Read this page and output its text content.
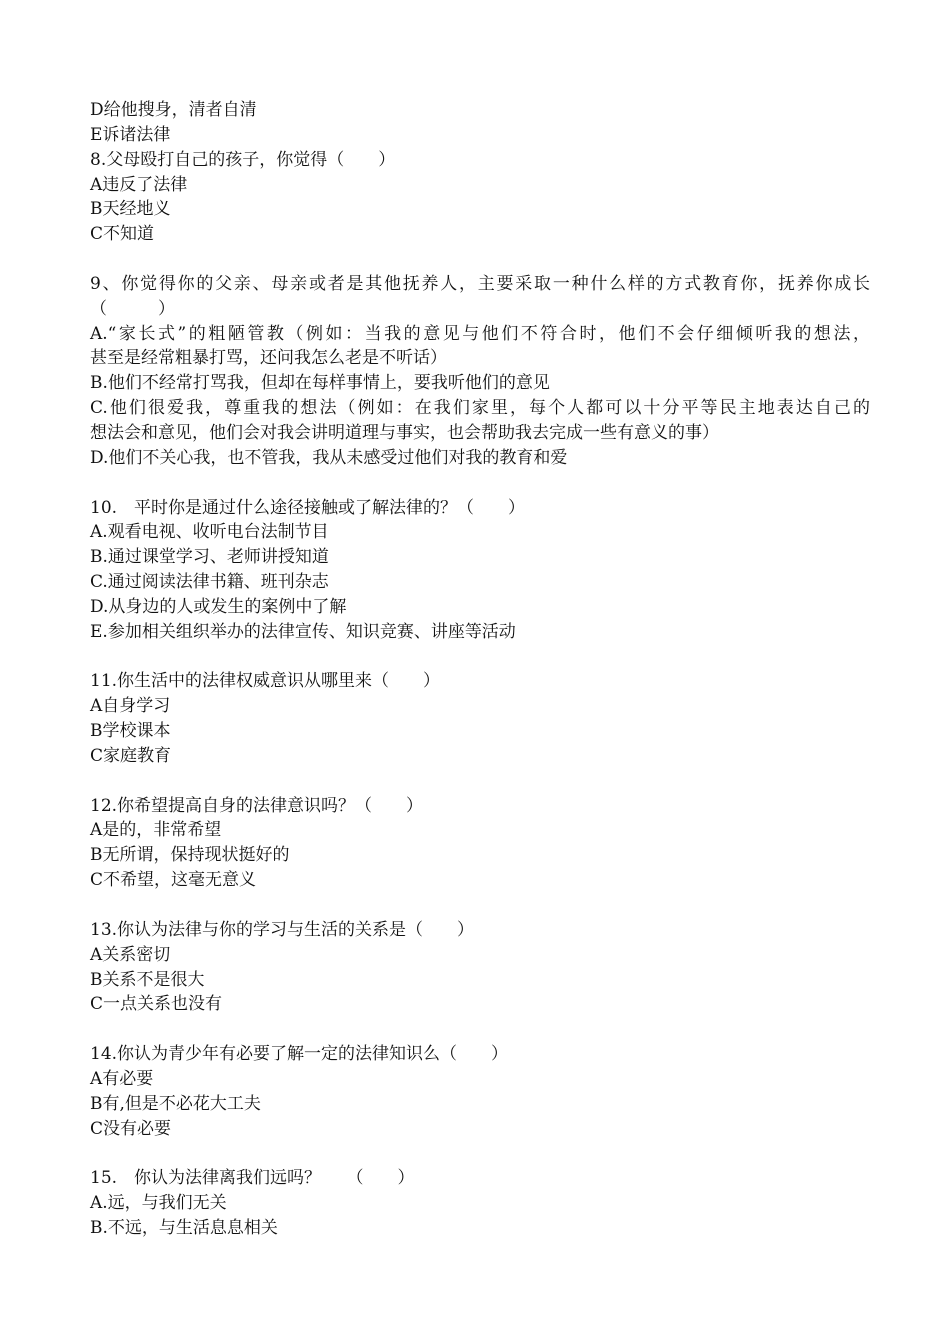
D给他搜身，清者自清
E诉诸法律
8.父母殴打自己的孩子，你觉得（　　）
A违反了法律
B天经地义
C不知道
9、你觉得你的父亲、母亲或者是其他抚养人，主要采取一种什么样的方式教育你，抚养你成长
（　　　）
A.“家长式”的粗陋管教（例如：当我的意见与他们不符合时，他们不会仔细倾听我的想法，
甚至是经常粗暴打骂，还问我怎么老是不听话）
B.他们不经常打骂我，但却在每样事情上，要我听他们的意见
C.他们很爱我，尊重我的想法（例如：在我们家里，每个人都可以十分平等民主地表达自己的
想法会和意见，他们会对我会讲明道理与事实，也会帮助我去完成一些有意义的事）
D.他们不关心我，也不管我，我从未感受过他们对我的教育和爱
10.　平时你是通过什么途径接触或了解法律的？（　　）
A.观看电视、收听电台法制节目
B.通过课堂学习、老师讲授知道
C.通过阅读法律书籍、班刊杂志
D.从身边的人或发生的案例中了解
E.参加相关组织举办的法律宣传、知识竞赛、讲座等活动
11.你生活中的法律权威意识从哪里来（　　）
A自身学习
B学校课本
C家庭教育
12.你希望提高自身的法律意识吗？（　　）
A是的，非常希望
B无所谓，保持现状挺好的
C不希望，这毫无意义
13.你认为法律与你的学习与生活的关系是（　　）
A关系密切
B关系不是很大
C一点关系也没有
14.你认为青少年有必要了解一定的法律知识么（　　）
A有必要
B有,但是不必花大工夫
C没有必要
15.　你认为法律离我们远吗？　　（　　）
A.远，与我们无关
B.不远，与生活息息相关
